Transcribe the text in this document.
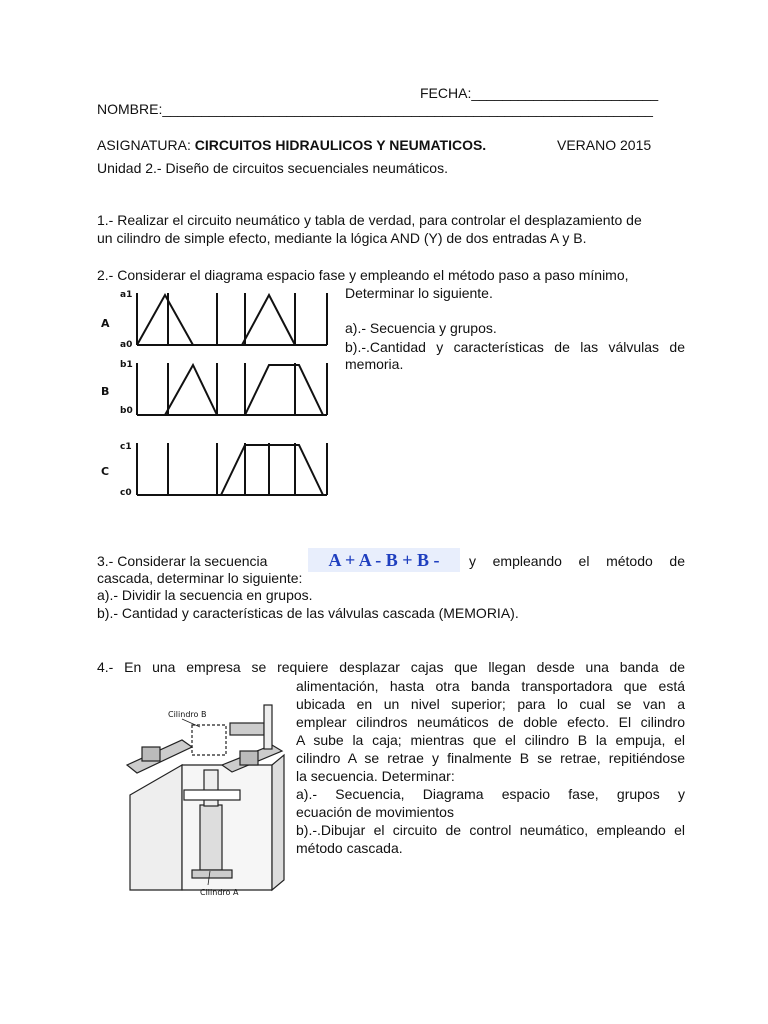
FECHA:________________________
NOMBRE:_______________________________________________________________
ASIGNATURA: CIRCUITOS HIDRAULICOS Y NEUMATICOS.	VERANO 2015
Unidad 2.- Diseño de circuitos secuenciales neumáticos.
1.- Realizar el circuito neumático y tabla de verdad, para controlar el desplazamiento de
un cilindro de simple efecto, mediante la lógica AND (Y) de dos entradas A y B.
2.- Considerar el diagrama espacio fase y empleando el método paso a paso mínimo,
Determinar lo siguiente.
a).- Secuencia y grupos.
b).-.Cantidad y características de las válvulas de
memoria.
a1
a0
b1
b0
c1
c0
A
B
C
3.- Considerar la secuencia	A + A - B + B -	y empleando el método de
cascada, determinar lo siguiente:
a).- Dividir la secuencia en grupos.
b).- Cantidad y características de las válvulas cascada (MEMORIA).
4.- En una empresa se requiere desplazar cajas que llegan desde una banda de
alimentación, hasta otra banda transportadora que está
ubicada en un nivel superior; para lo cual se van a
emplear cilindros neumáticos de doble efecto. El cilindro
A sube la caja; mientras que el cilindro B la empuja, el
cilindro A se retrae y finalmente B se retrae, repitiéndose
la secuencia. Determinar:
a).- Secuencia, Diagrama espacio fase, grupos y
ecuación de movimientos
b).-.Dibujar el circuito de control neumático, empleando el
método cascada.
Cilindro B
Cilindro A
